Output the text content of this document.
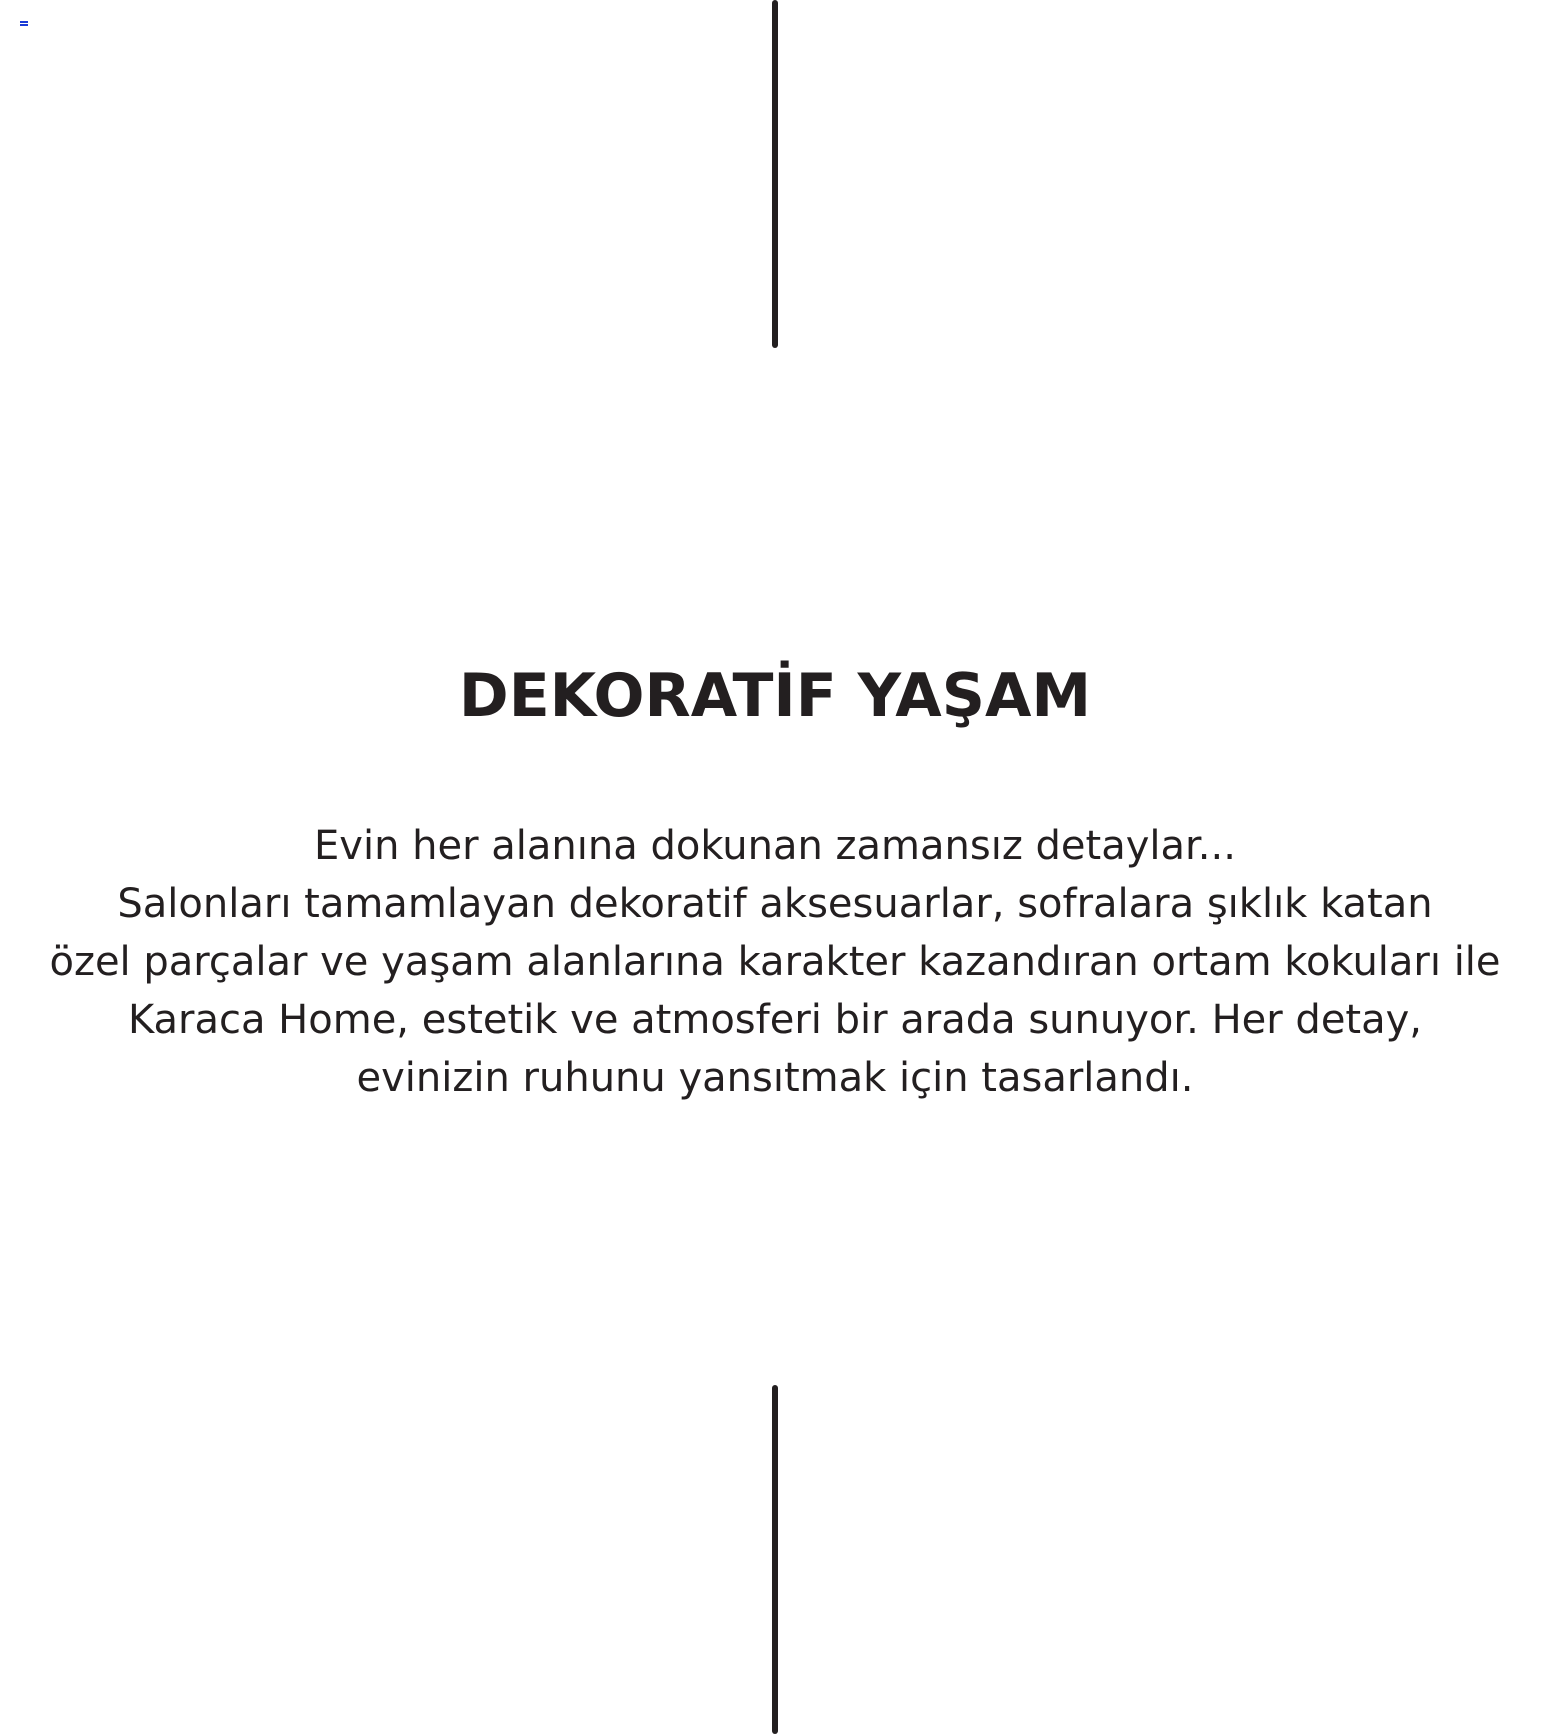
DEKORATİF YAŞAM
Evin her alanına dokunan zamansız detaylar...
Salonları tamamlayan dekoratif aksesuarlar, sofralara şıklık katan
özel parçalar ve yaşam alanlarına karakter kazandıran ortam kokuları ile
Karaca Home, estetik ve atmosferi bir arada sunuyor. Her detay,
evinizin ruhunu yansıtmak için tasarlandı.
